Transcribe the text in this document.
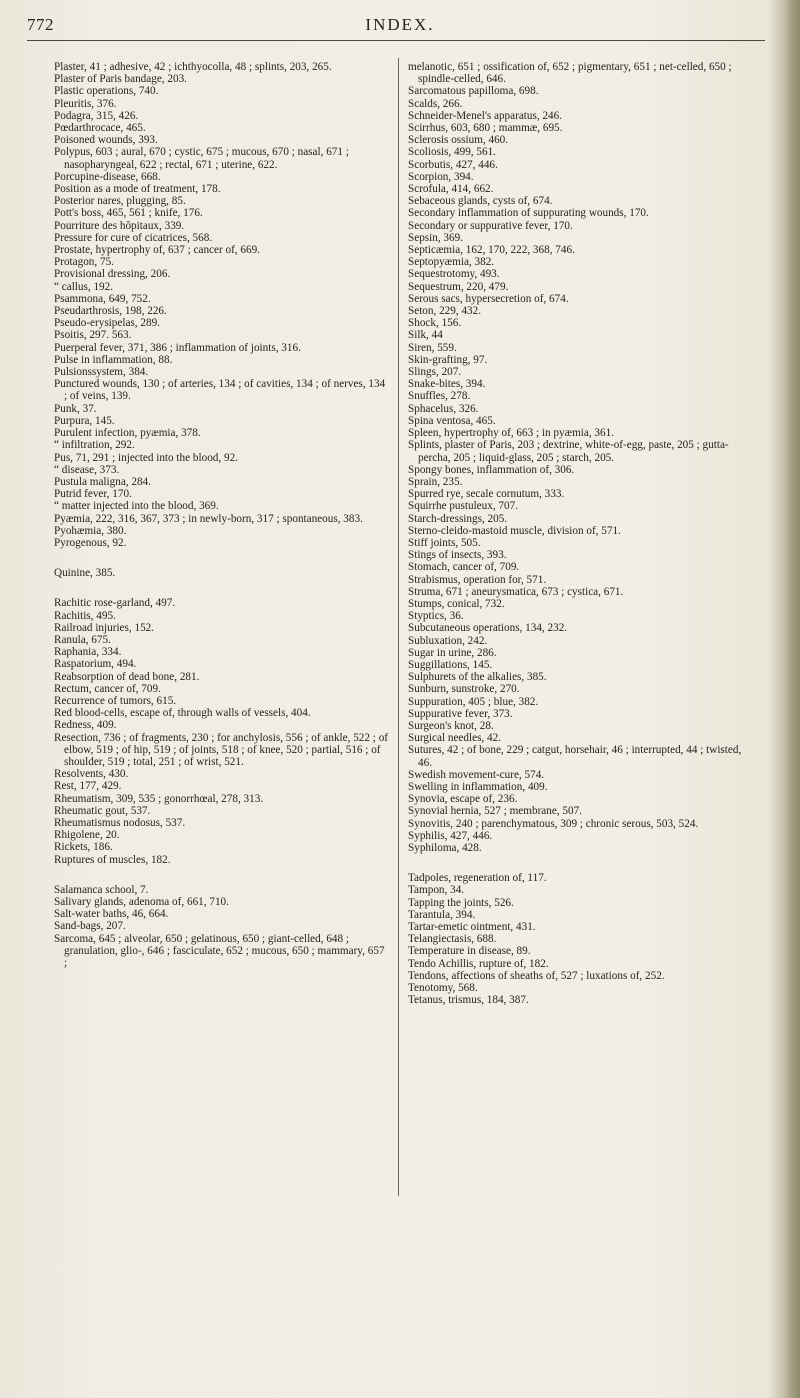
772	INDEX.

Plaster, 41 ; adhesive, 42 ; ichthyocolla, 48 ; splints, 203, 265.

Plaster of Paris bandage, 203.

Plastic operations, 740.

Pleuritis, 376.

Podagra, 315, 426.

Pœdarthrocace, 465.

Poisoned wounds, 393.

Polypus, 603 ; aural, 670 ; cystic, 675 ; mucous, 670 ; nasal, 671 ; nasopharyngeal, 622 ; rectal, 671 ; uterine, 622.

Porcupine-disease, 668.

Position as a mode of treatment, 178.

Posterior nares, plugging, 85.

Pott's boss, 465, 561 ; knife, 176.

Pourriture des hôpitaux, 339.

Pressure for cure of cicatrices, 568.

Prostate, hypertrophy of, 637 ; cancer of, 669.

Protagon, 75.

Provisional dressing, 206.

“ callus, 192.

Psammona, 649, 752.

Pseudarthrosis, 198, 226.

Pseudo-erysipelas, 289.

Psoitis, 297. 563.

Puerperal fever, 371, 386 ; inflammation of joints, 316.

Pulse in inflammation, 88.

Pulsionssystem, 384.

Punctured wounds, 130 ; of arteries, 134 ; of cavities, 134 ; of nerves, 134 ; of veins, 139.

Punk, 37.

Purpura, 145.

Purulent infection, pyæmia, 378.

“ infiltration, 292.

Pus, 71, 291 ; injected into the blood, 92.

“ disease, 373.

Pustula maligna, 284.

Putrid fever, 170.

“ matter injected into the blood, 369.

Pyæmia, 222, 316, 367, 373 ; in newly-born, 317 ; spontaneous, 383.

Pyohæmia, 380.

Pyrogenous, 92.

Quinine, 385.

Rachitic rose-garland, 497.

Rachitis, 495.

Railroad injuries, 152.

Ranula, 675.

Raphania, 334.

Raspatorium, 494.

Reabsorption of dead bone, 281.

Rectum, cancer of, 709.

Recurrence of tumors, 615.

Red blood-cells, escape of, through walls of vessels, 404.

Redness, 409.

Resection, 736 ; of fragments, 230 ; for anchylosis, 556 ; of ankle, 522 ; of elbow, 519 ; of hip, 519 ; of joints, 518 ; of knee, 520 ; partial, 516 ; of shoulder, 519 ; total, 251 ; of wrist, 521.

Resolvents, 430.

Rest, 177, 429.

Rheumatism, 309, 535 ; gonorrhœal, 278, 313.

Rheumatic gout, 537.

Rheumatismus nodosus, 537.

Rhigolene, 20.

Rickets, 186.

Ruptures of muscles, 182.

Salamanca school, 7.

Salivary glands, adenoma of, 661, 710.

Salt-water baths, 46, 664.

Sand-bags, 207.

Sarcoma, 645 ; alveolar, 650 ; gelatinous, 650 ; giant-celled, 648 ; granulation, glio-, 646 ; fasciculate, 652 ; mucous, 650 ; mammary, 657 ;

melanotic, 651 ; ossification of, 652 ; pigmentary, 651 ; net-celled, 650 ; spindle-celled, 646.

Sarcomatous papilloma, 698.

Scalds, 266.

Schneider-Menel's apparatus, 246.

Scirrhus, 603, 680 ; mammæ, 695.

Sclerosis ossium, 460.

Scoliosis, 499, 561.

Scorbutis, 427, 446.

Scorpion, 394.

Scrofula, 414, 662.

Sebaceous glands, cysts of, 674.

Secondary inflammation of suppurating wounds, 170.

Secondary or suppurative fever, 170.

Sepsin, 369.

Septicæmia, 162, 170, 222, 368, 746.

Septopyæmia, 382.

Sequestrotomy, 493.

Sequestrum, 220, 479.

Serous sacs, hypersecretion of, 674.

Seton, 229, 432.

Shock, 156.

Silk, 44

Siren, 559.

Skin-grafting, 97.

Slings, 207.

Snake-bites, 394.

Snuffles, 278.

Sphacelus, 326.

Spina ventosa, 465.

Spleen, hypertrophy of, 663 ; in pyæmia, 361.

Splints, plaster of Paris, 203 ; dextrine, white-of-egg, paste, 205 ; gutta-percha, 205 ; liquid-glass, 205 ; starch, 205.

Spongy bones, inflammation of, 306.

Sprain, 235.

Spurred rye, secale cornutum, 333.

Squirrhe pustuleux, 707.

Starch-dressings, 205.

Sterno-cleido-mastoid muscle, division of, 571.

Stiff joints, 505.

Stings of insects, 393.

Stomach, cancer of, 709.

Strabismus, operation for, 571.

Struma, 671 ; aneurysmatica, 673 ; cystica, 671.

Stumps, conical, 732.

Styptics, 36.

Subcutaneous operations, 134, 232.

Subluxation, 242.

Sugar in urine, 286.

Suggillations, 145.

Sulphurets of the alkalies, 385.

Sunburn, sunstroke, 270.

Suppuration, 405 ; blue, 382.

Suppurative fever, 373.

Surgeon's knot, 28.

Surgical needles, 42.

Sutures, 42 ; of bone, 229 ; catgut, horsehair, 46 ; interrupted, 44 ; twisted, 46.

Swedish movement-cure, 574.

Swelling in inflammation, 409.

Synovia, escape of, 236.

Synovial hernia, 527 ; membrane, 507.

Synovitis, 240 ; parenchymatous, 309 ; chronic serous, 503, 524.

Syphilis, 427, 446.

Syphiloma, 428.

Tadpoles, regeneration of, 117.

Tampon, 34.

Tapping the joints, 526.

Tarantula, 394.

Tartar-emetic ointment, 431.

Telangiectasis, 688.

Temperature in disease, 89.

Tendo Achillis, rupture of, 182.

Tendons, affections of sheaths of, 527 ; luxations of, 252.

Tenotomy, 568.

Tetanus, trismus, 184, 387.
